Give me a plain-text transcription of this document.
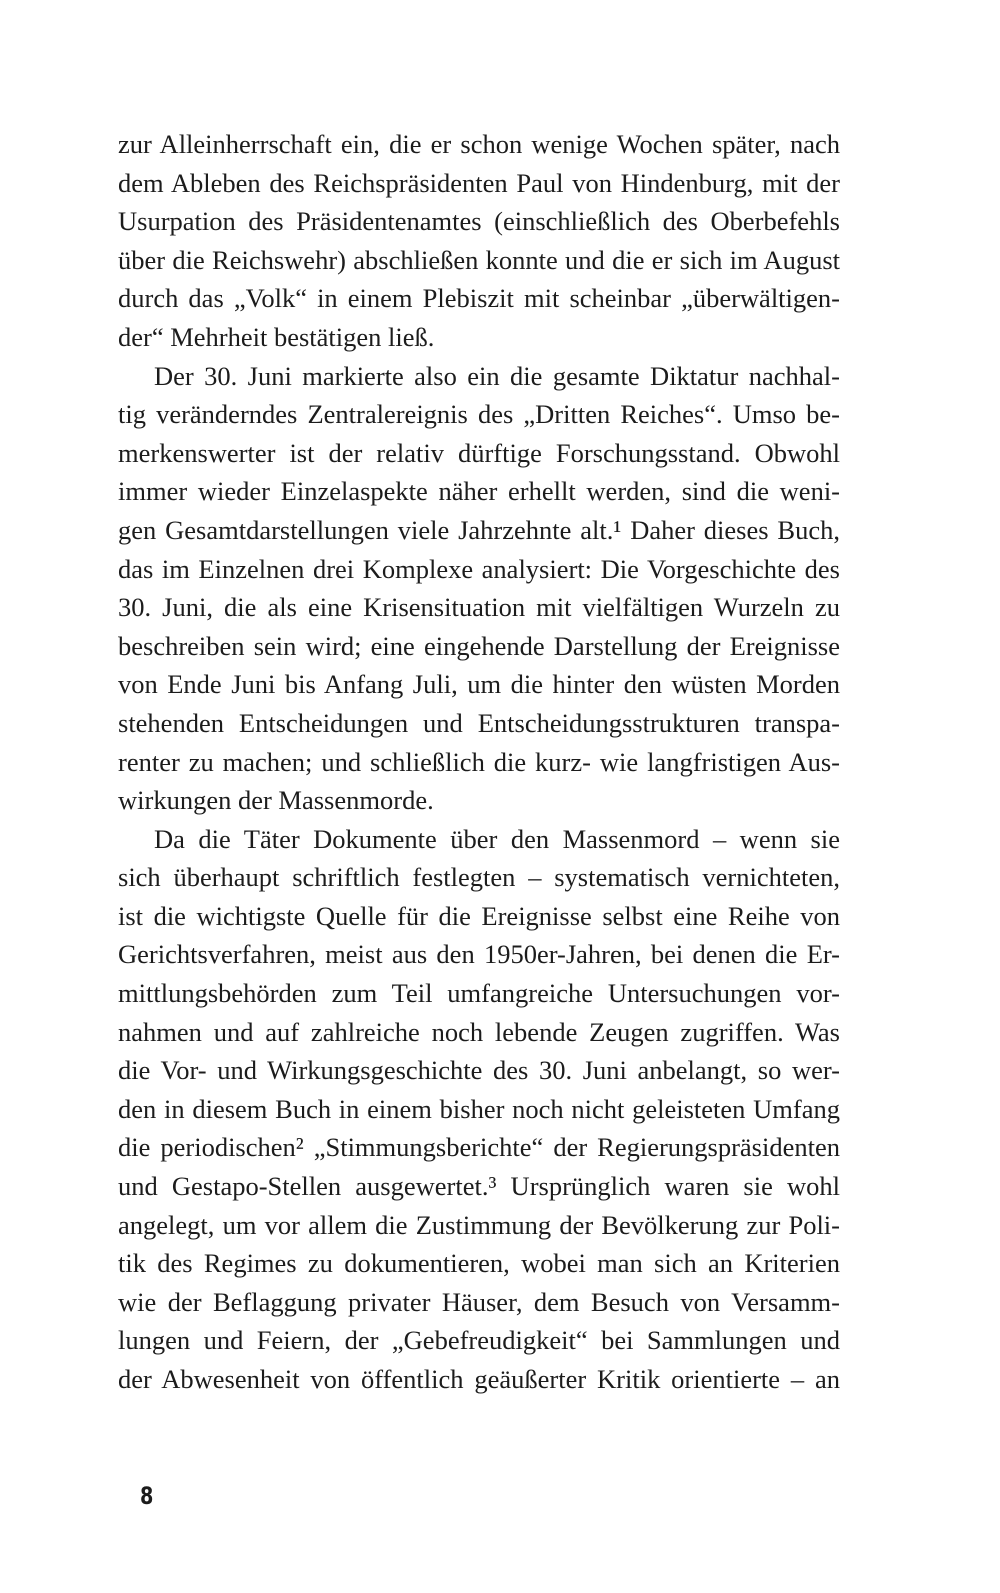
zur Alleinherrschaft ein, die er schon wenige Wochen später, nach
dem Ableben des Reichspräsidenten Paul von Hindenburg, mit der
Usurpation des Präsidentenamtes (einschließlich des Oberbefehls
über die Reichswehr) abschließen konnte und die er sich im August
durch das „Volk“ in einem Plebiszit mit scheinbar „überwältigen-
der“ Mehrheit bestätigen ließ.

Der 30. Juni markierte also ein die gesamte Diktatur nachhal-
tig veränderndes Zentralereignis des „Dritten Reiches“. Umso be-
merkenswerter ist der relativ dürftige Forschungsstand. Obwohl
immer wieder Einzelaspekte näher erhellt werden, sind die weni-
gen Gesamtdarstellungen viele Jahrzehnte alt.¹ Daher dieses Buch,
das im Einzelnen drei Komplexe analysiert: Die Vorgeschichte des
30. Juni, die als eine Krisensituation mit vielfältigen Wurzeln zu
beschreiben sein wird; eine eingehende Darstellung der Ereignisse
von Ende Juni bis Anfang Juli, um die hinter den wüsten Morden
stehenden Entscheidungen und Entscheidungsstrukturen transpa-
renter zu machen; und schließlich die kurz- wie langfristigen Aus-
wirkungen der Massenmorde.

Da die Täter Dokumente über den Massenmord – wenn sie
sich überhaupt schriftlich festlegten – systematisch vernichteten,
ist die wichtigste Quelle für die Ereignisse selbst eine Reihe von
Gerichtsverfahren, meist aus den 1950er-Jahren, bei denen die Er-
mittlungsbehörden zum Teil umfangreiche Untersuchungen vor-
nahmen und auf zahlreiche noch lebende Zeugen zugriffen. Was
die Vor- und Wirkungsgeschichte des 30. Juni anbelangt, so wer-
den in diesem Buch in einem bisher noch nicht geleisteten Umfang
die periodischen² „Stimmungsberichte“ der Regierungspräsidenten
und Gestapo-Stellen ausgewertet.³ Ursprünglich waren sie wohl
angelegt, um vor allem die Zustimmung der Bevölkerung zur Poli-
tik des Regimes zu dokumentieren, wobei man sich an Kriterien
wie der Beflaggung privater Häuser, dem Besuch von Versamm-
lungen und Feiern, der „Gebefreudigkeit“ bei Sammlungen und
der Abwesenheit von öffentlich geäußerter Kritik orientierte – an

8
